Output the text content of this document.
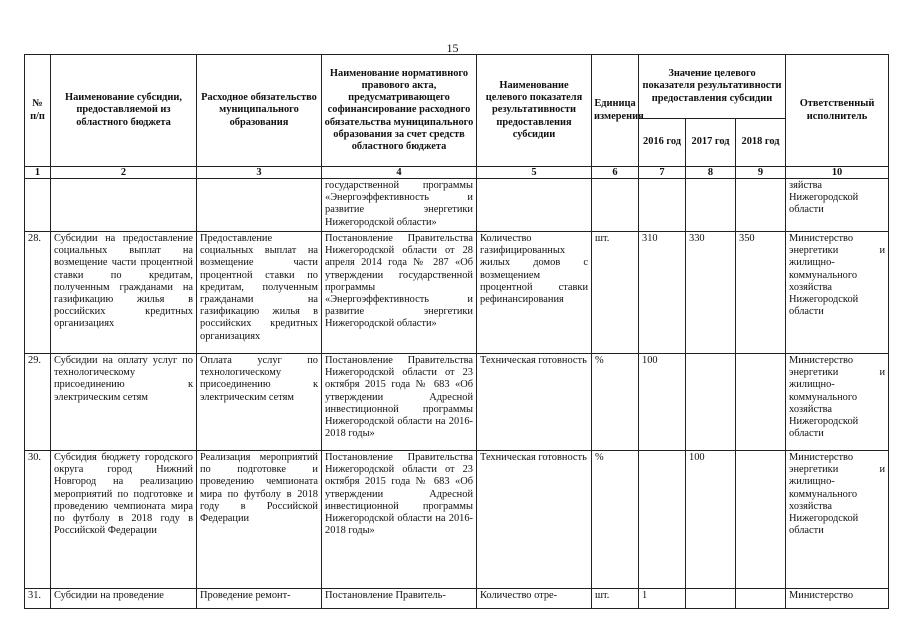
15
№ п/п	Наименование субсидии, предоставляемой из областного бюджета	Расходное обязательство муниципального образования	Наименование нормативного правового акта, предусматривающего софинансирование расходного обязательства муниципального образования за счет средств областного бюджета	Наименование целевого показателя результативности предоставления субсидии	Единица измерения	Значение целевого показателя результативности предоставления субсидии			Ответственный исполнитель
						2016 год	2017 год	2018 год	
1	2	3	4	5	6	7	8	9	10
			государственной программы «Энергоэффективность и развитие энергетики Нижегородской области»						зяйства Нижегородской области
28.	Субсидии на предоставление социальных выплат на возмещение части процентной ставки по кредитам, полученным гражданами на газификацию жилья в российских кредитных организациях	Предоставление социальных выплат на возмещение части процентной ставки по кредитам, полученным гражданами на газификацию жилья в российских кредитных организациях	Постановление Правительства Нижегородской области от 28 апреля 2014 года № 287 «Об утверждении государственной программы «Энергоэффективность и развитие энергетики Нижегородской области»	Количество газифицированных жилых домов с возмещением процентной ставки рефинансирования	шт.	310	330	350	Министерство энергетики и жилищно-коммунального хозяйства Нижегородской области
29.	Субсидии на оплату услуг по технологическому присоединению к электрическим сетям	Оплата услуг по технологическому присоединению к электрическим сетям	Постановление Правительства Нижегородской области от 23 октября 2015 года № 683 «Об утверждении Адресной инвестиционной программы Нижегородской области на 2016-2018 годы»	Техническая готовность	%	100			Министерство энергетики и жилищно-коммунального хозяйства Нижегородской области
30.	Субсидия бюджету городского округа город Нижний Новгород на реализацию мероприятий по подготовке и проведению чемпионата мира по футболу в 2018 году в Российской Федерации	Реализация мероприятий по подготовке и проведению чемпионата мира по футболу в 2018 году в Российской Федерации	Постановление Правительства Нижегородской области от 23 октября 2015 года № 683 «Об утверждении Адресной инвестиционной программы Нижегородской области на 2016-2018 годы»	Техническая готовность	%		100		Министерство энергетики и жилищно-коммунального хозяйства Нижегородской области
31.	Субсидии на проведение	Проведение ремонт-	Постановление Правитель-	Количество отре-	шт.	1			Министерство
